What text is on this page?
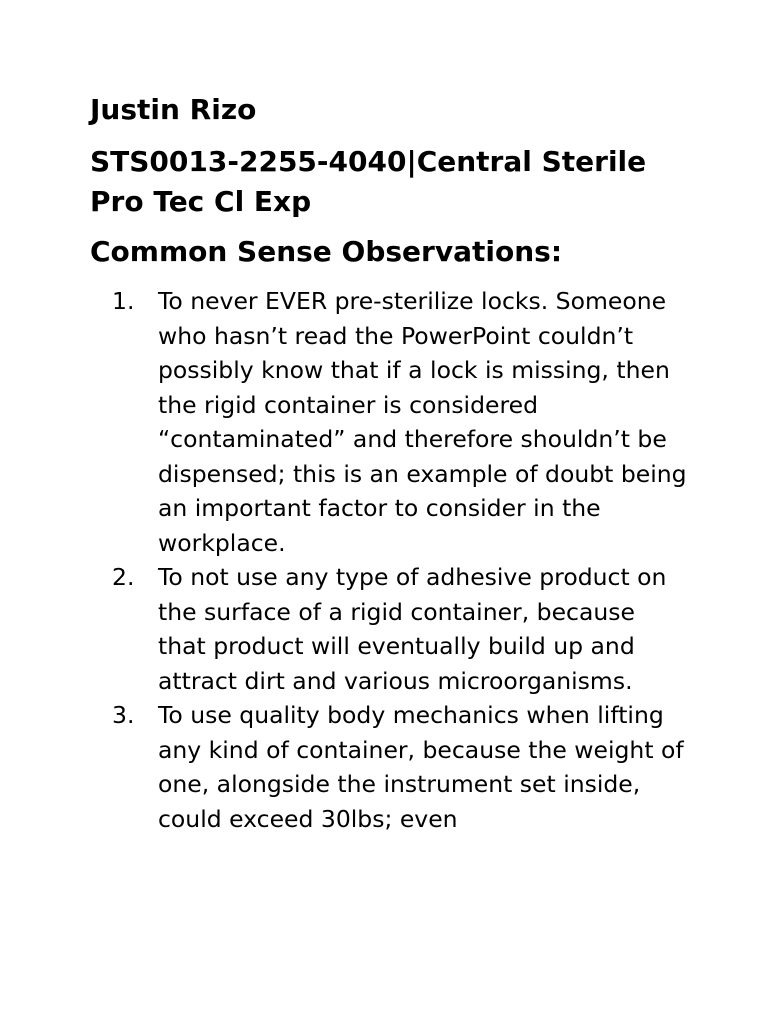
Justin Rizo
STS0013-2255-4040|Central Sterile Pro Tec Cl Exp
Common Sense Observations:
1. To never EVER pre-sterilize locks. Someone who hasn’t read the PowerPoint couldn’t possibly know that if a lock is missing, then the rigid container is considered “contaminated” and therefore shouldn’t be dispensed; this is an example of doubt being an important factor to consider in the workplace.
2. To not use any type of adhesive product on the surface of a rigid container, because that product will eventually build up and attract dirt and various microorganisms.
3. To use quality body mechanics when lifting any kind of container, because the weight of one, alongside the instrument set inside, could exceed 30lbs; even
